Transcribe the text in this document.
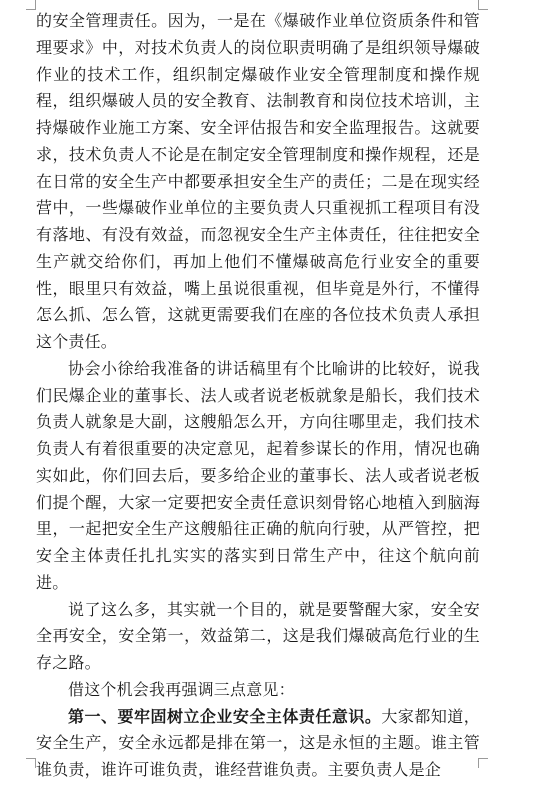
的安全管理责任。因为，一是在《爆破作业单位资质条件和管理要求》中，对技术负责人的岗位职责明确了是组织领导爆破作业的技术工作，组织制定爆破作业安全管理制度和操作规程，组织爆破人员的安全教育、法制教育和岗位技术培训，主持爆破作业施工方案、安全评估报告和安全监理报告。这就要求，技术负责人不论是在制定安全管理制度和操作规程，还是在日常的安全生产中都要承担安全生产的责任；二是在现实经营中，一些爆破作业单位的主要负责人只重视抓工程项目有没有落地、有没有效益，而忽视安全生产主体责任，往往把安全生产就交给你们，再加上他们不懂爆破高危行业安全的重要性，眼里只有效益，嘴上虽说很重视，但毕竟是外行，不懂得怎么抓、怎么管，这就更需要我们在座的各位技术负责人承担这个责任。

协会小徐给我准备的讲话稿里有个比喻讲的比较好，说我们民爆企业的董事长、法人或者说老板就象是船长，我们技术负责人就象是大副，这艘船怎么开，方向往哪里走，我们技术负责人有着很重要的决定意见，起着参谋长的作用，情况也确实如此，你们回去后，要多给企业的董事长、法人或者说老板们提个醒，大家一定要把安全责任意识刻骨铭心地植入到脑海里，一起把安全生产这艘船往正确的航向行驶，从严管控，把安全主体责任扎扎实实的落实到日常生产中，往这个航向前进。

说了这么多，其实就一个目的，就是要警醒大家，安全安全再安全，安全第一，效益第二，这是我们爆破高危行业的生存之路。

借这个机会我再强调三点意见：

第一、要牢固树立企业安全主体责任意识。大家都知道，安全生产，安全永远都是排在第一，这是永恒的主题。谁主管谁负责，谁许可谁负责，谁经营谁负责。主要负责人是企
